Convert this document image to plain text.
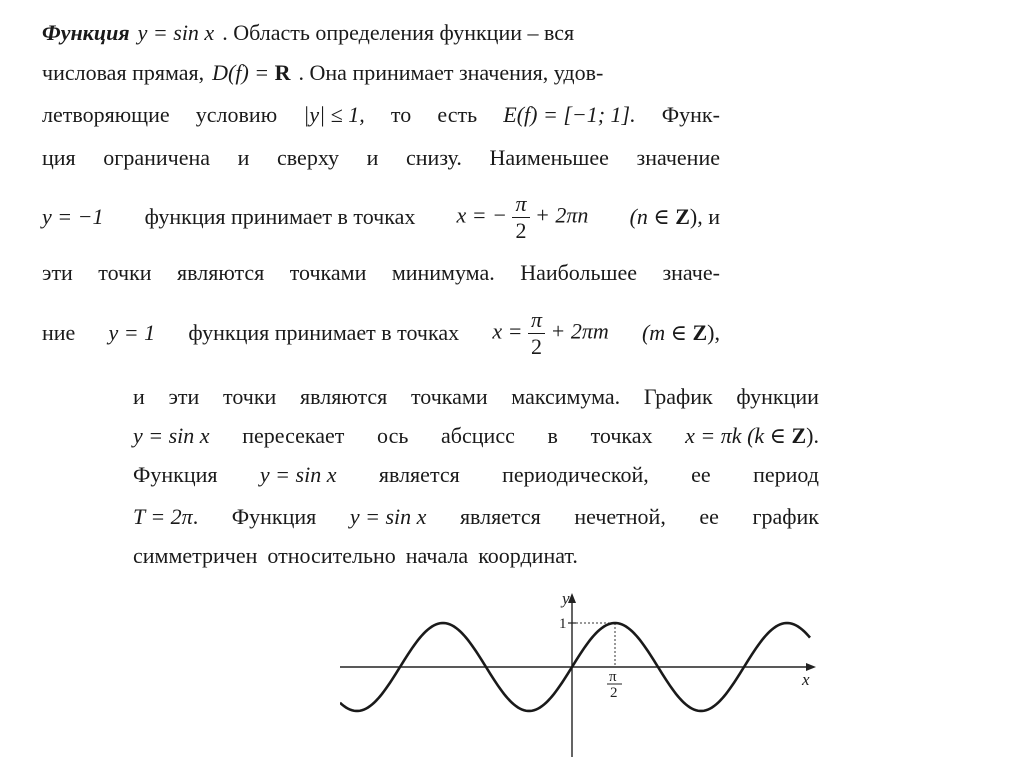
Функция y = sin x . Область определения функции – вся
числовая прямая, D(f) = R . Она принимает значения, удов-
летворяющие условию |y| ≤ 1, то есть E(f) = [−1; 1]. Функ-
ция ограничена и сверху и снизу. Наименьшее значение
y = −1 функция принимает в точках x = − $\frac{\pi}{2} + 2\pi n$ (n ∈ Z), и
эти точки являются точками минимума. Наибольшее значе-
ние y = 1 функция принимает в точках $x = \frac{\pi}{2} + 2\pi m$ (m ∈ Z),
и эти точки являются точками максимума. График функции
y = sin x пересекает ось абсцисс в точках x = πk (k ∈ Z).
Функция y = sin x является периодической, ее период
T = 2π. Функция y = sin x является нечетной, ее график
симметричен относительно начала координат.
y
x
1
π
2
